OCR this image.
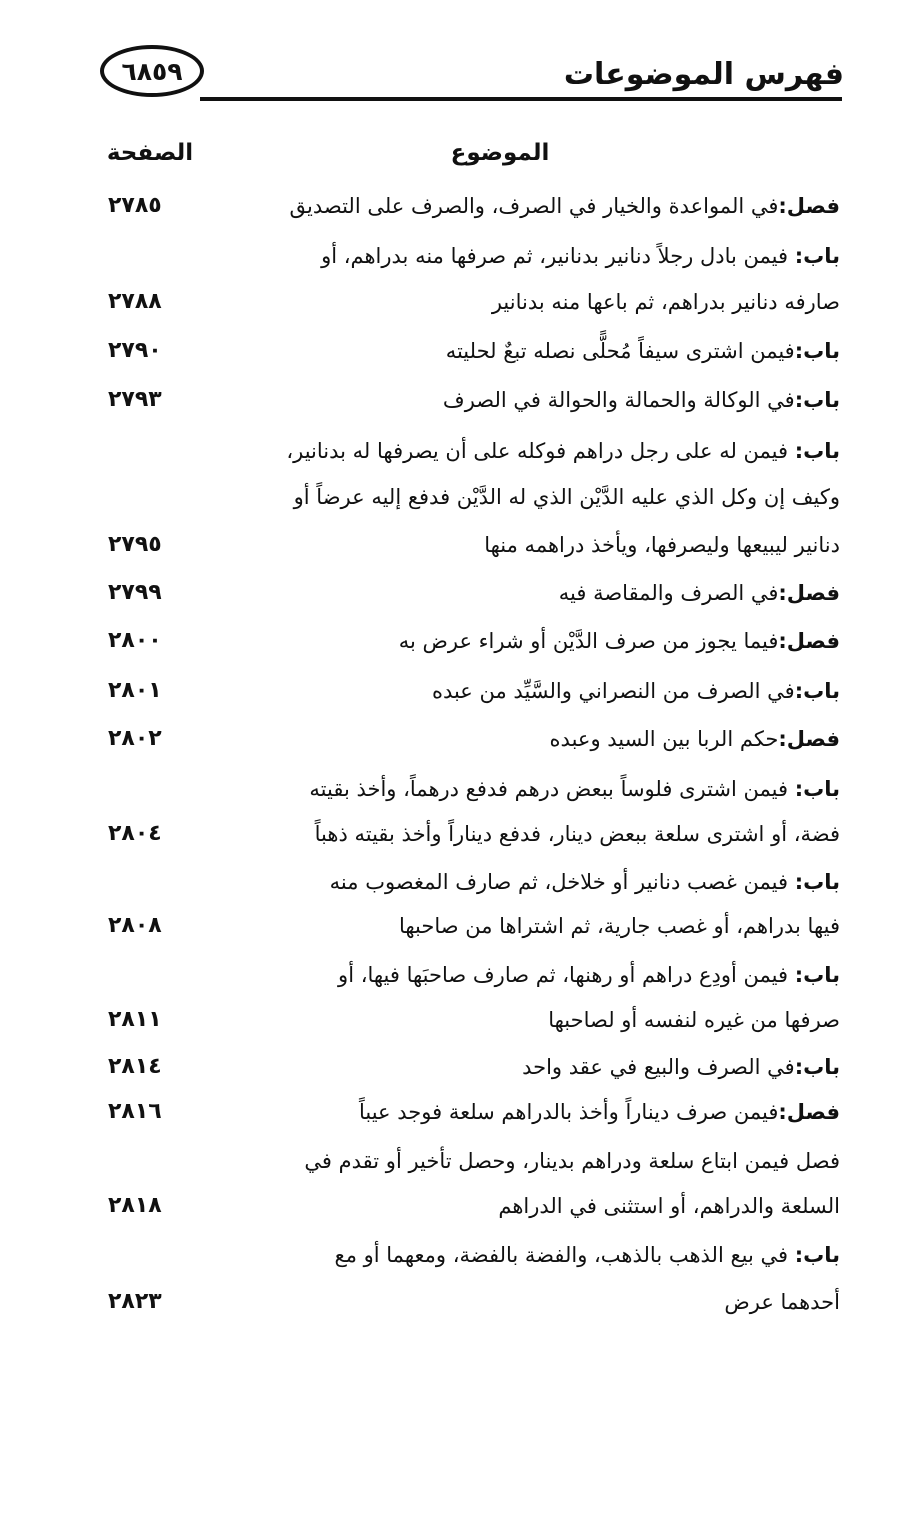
٦٨٥٩	فهرس الموضوعات
الموضوع
الصفحة
فصل:
في المواعدة والخيار في الصرف، والصرف على التصديق
٢٧٨٥
باب: فيمن بادل رجلاً دنانير بدنانير، ثم صرفها منه بدراهم، أو
صارفه دنانير بدراهم، ثم باعها منه بدنانير
٢٧٨٨
باب:
فيمن اشترى سيفاً مُحلًّى نصله تبعٌ لحليته
٢٧٩٠
باب:
في الوكالة والحمالة والحوالة في الصرف
٢٧٩٣
باب: فيمن له على رجل دراهم فوكله على أن يصرفها له بدنانير،
وكيف إن وكل الذي عليه الدَّيْن الذي له الدَّيْن فدفع إليه عرضاً أو
دنانير ليبيعها وليصرفها، ويأخذ دراهمه منها
٢٧٩٥
فصل:
في الصرف والمقاصة فيه
٢٧٩٩
فصل:
فيما يجوز من صرف الدَّيْن أو شراء عرض به
٢٨٠٠
باب:
في الصرف من النصراني والسَّيِّد من عبده
٢٨٠١
فصل:
حكم الربا بين السيد وعبده
٢٨٠٢
باب: فيمن اشترى فلوساً ببعض درهم فدفع درهماً، وأخذ بقيته
فضة، أو اشترى سلعة ببعض دينار، فدفع ديناراً وأخذ بقيته ذهباً
٢٨٠٤
باب: فيمن غصب دنانير أو خلاخل، ثم صارف المغصوب منه
فيها بدراهم، أو غصب جارية، ثم اشتراها من صاحبها
٢٨٠٨
باب: فيمن أودِع دراهم أو رهنها، ثم صارف صاحبَها فيها، أو
صرفها من غيره لنفسه أو لصاحبها
٢٨١١
باب:
في الصرف والبيع في عقد واحد
٢٨١٤
فصل:
فيمن صرف ديناراً وأخذ بالدراهم سلعة فوجد عيباً
٢٨١٦
فصل فيمن ابتاع سلعة ودراهم بدينار، وحصل تأخير أو تقدم في
السلعة والدراهم، أو استثنى في الدراهم
٢٨١٨
باب: في بيع الذهب بالذهب، والفضة بالفضة، ومعهما أو مع
أحدهما عرض
٢٨٢٣
